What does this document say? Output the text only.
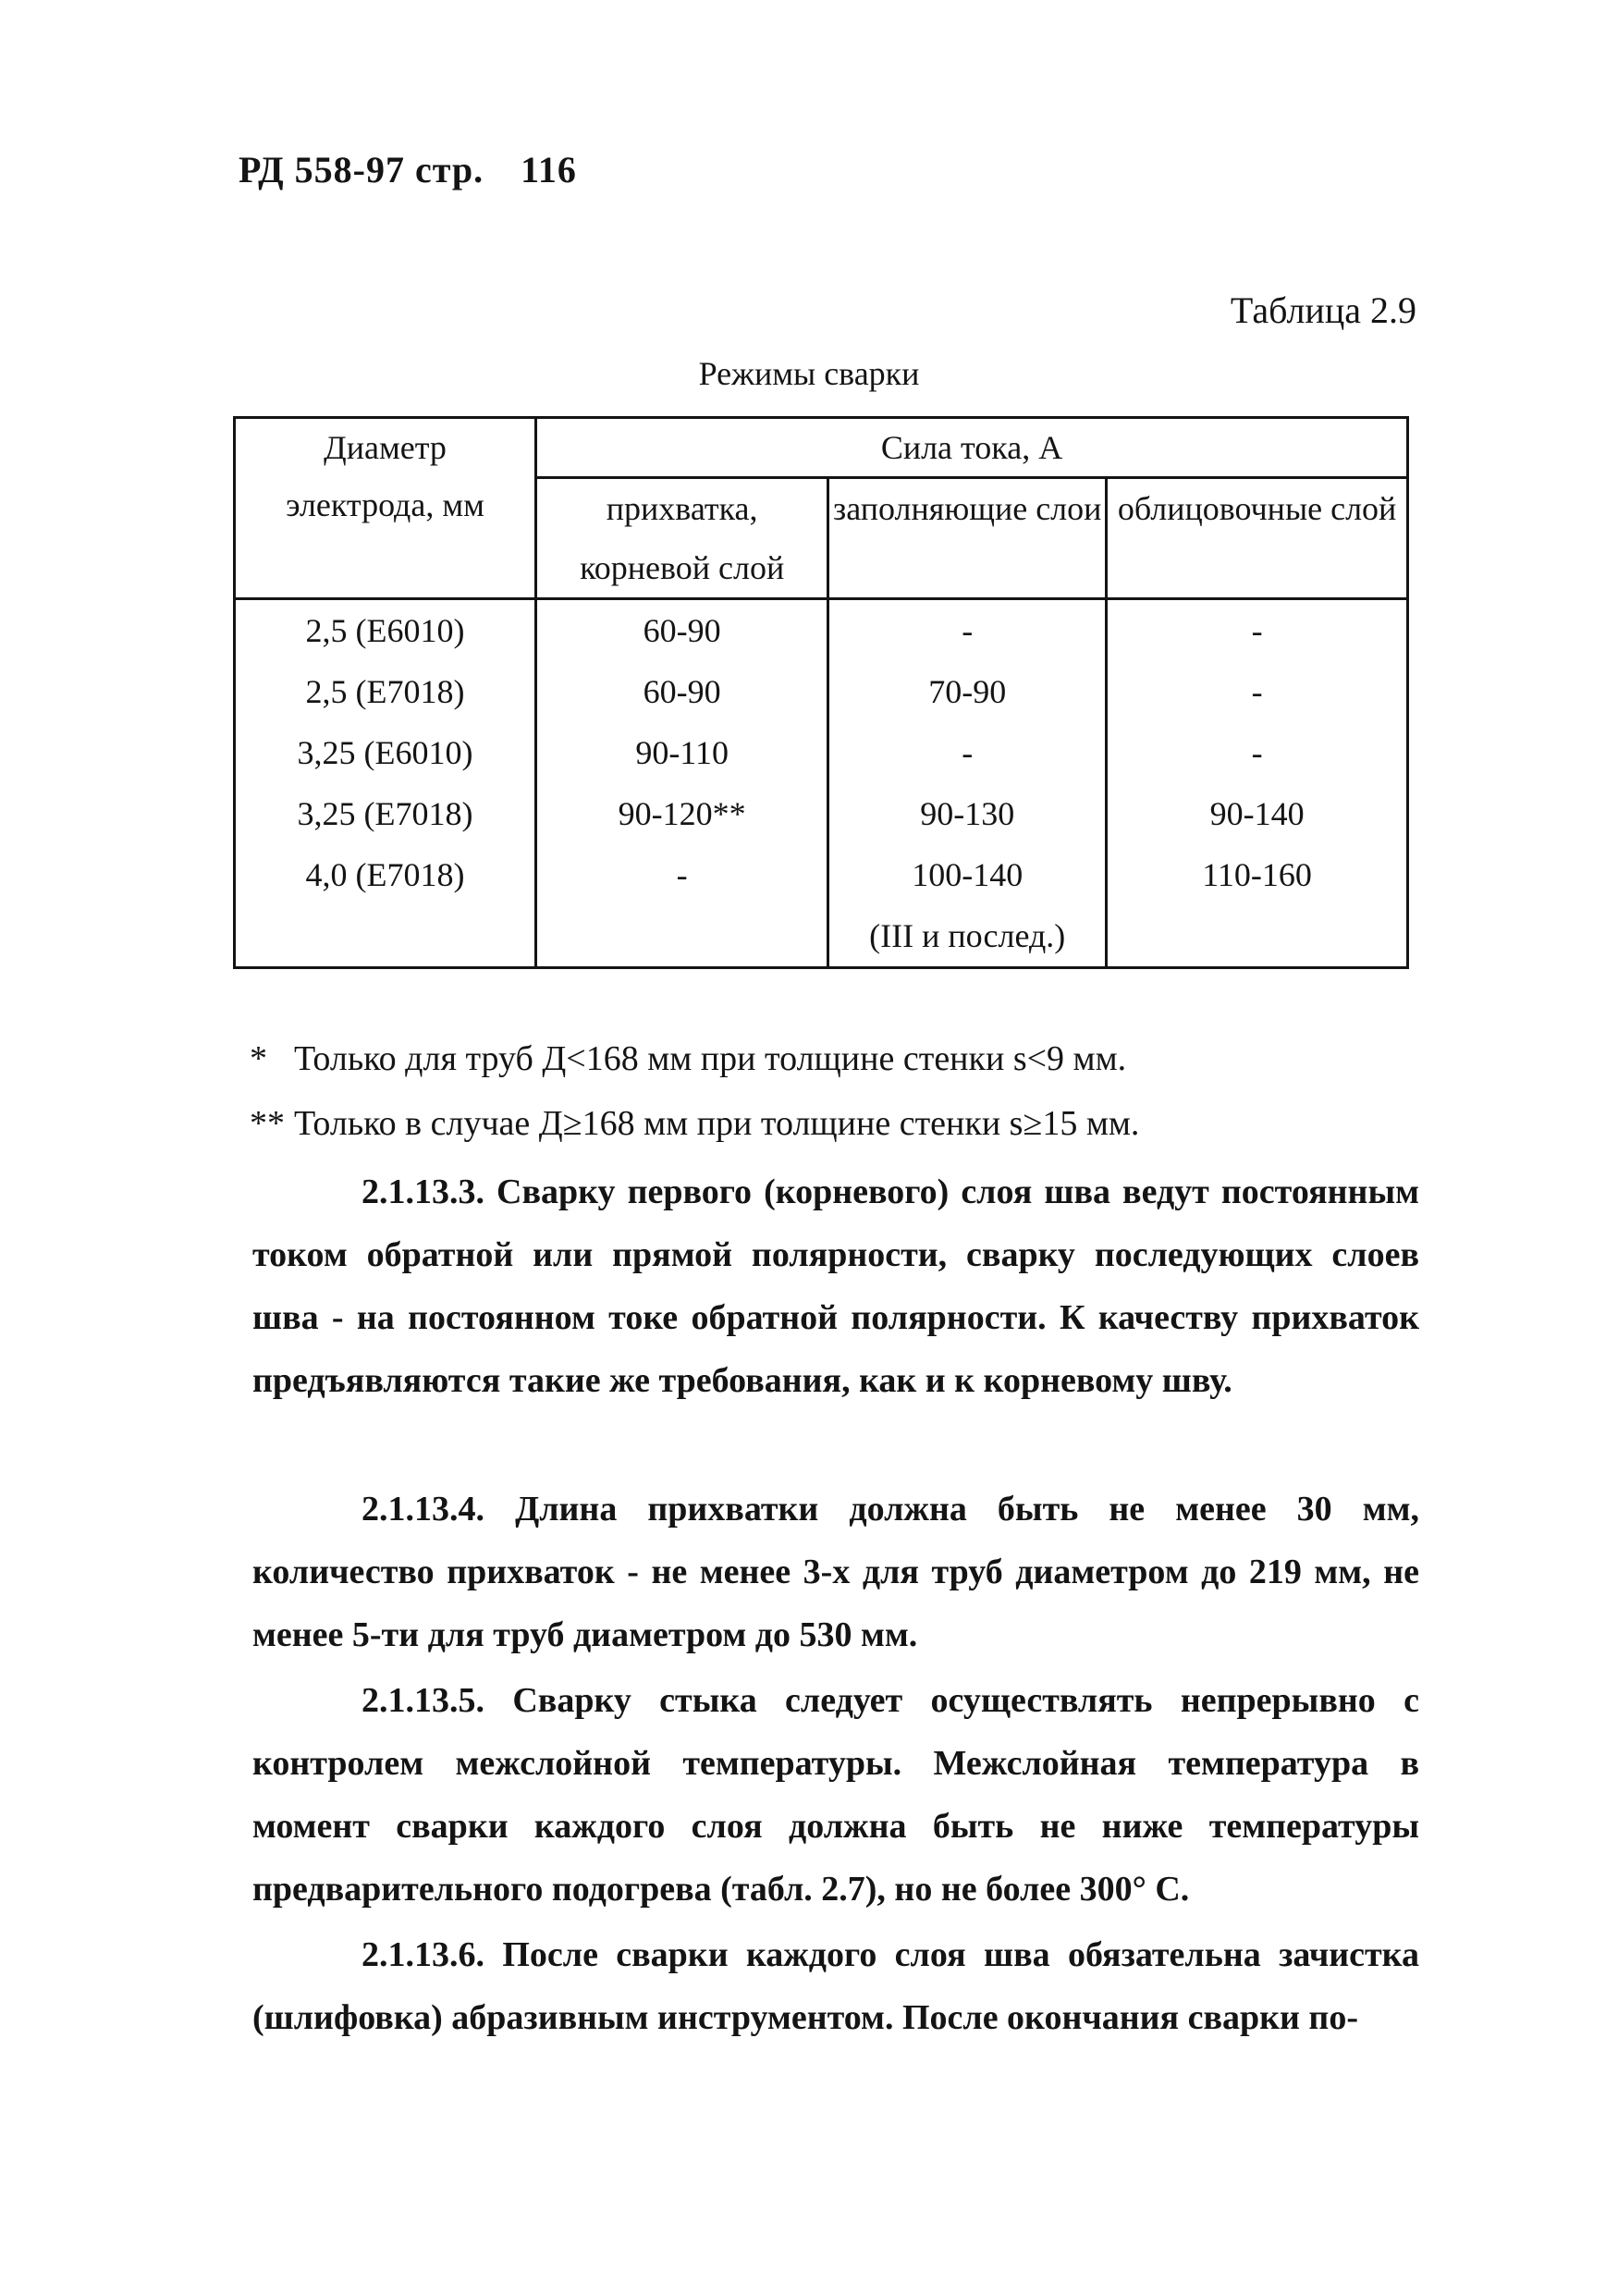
РД 558-97 стр. 116
Таблица 2.9
Режимы сварки
Диаметр
электрода, мм	Сила тока, А		
	прихватка, корневой слой	заполняющие слои	облицовочные слой
2,5 (Е6010)	60-90	-	-
2,5 (Е7018)	60-90	70-90	-
3,25 (Е6010)	90-110	-	-
3,25 (Е7018)	90-120**	90-130	90-140
4,0 (Е7018)	-	100-140	110-160
		(III и послед.)	
* Только для труб Д<168 мм при толщине стенки s<9 мм.
** Только в случае Д≥168 мм при толщине стенки s≥15 мм.

2.1.13.3. Сварку первого (корневого) слоя шва ведут постоянным током обратной или прямой полярности, сварку последующих слоев шва - на постоянном токе обратной полярности. К качеству прихваток предъявляются такие же требования, как и к корневому шву.

2.1.13.4. Длина прихватки должна быть не менее 30 мм, количество прихваток - не менее 3-х для труб диаметром до 219 мм, не менее 5-ти для труб диаметром до 530 мм.

2.1.13.5. Сварку стыка следует осуществлять непрерывно с контролем межслойной температуры. Межслойная температура в момент сварки каждого слоя должна быть не ниже температуры предварительного подогрева (табл. 2.7), но не более 300° С.

2.1.13.6. После сварки каждого слоя шва обязательна зачистка (шлифовка) абразивным инструментом. После окончания сварки по-
